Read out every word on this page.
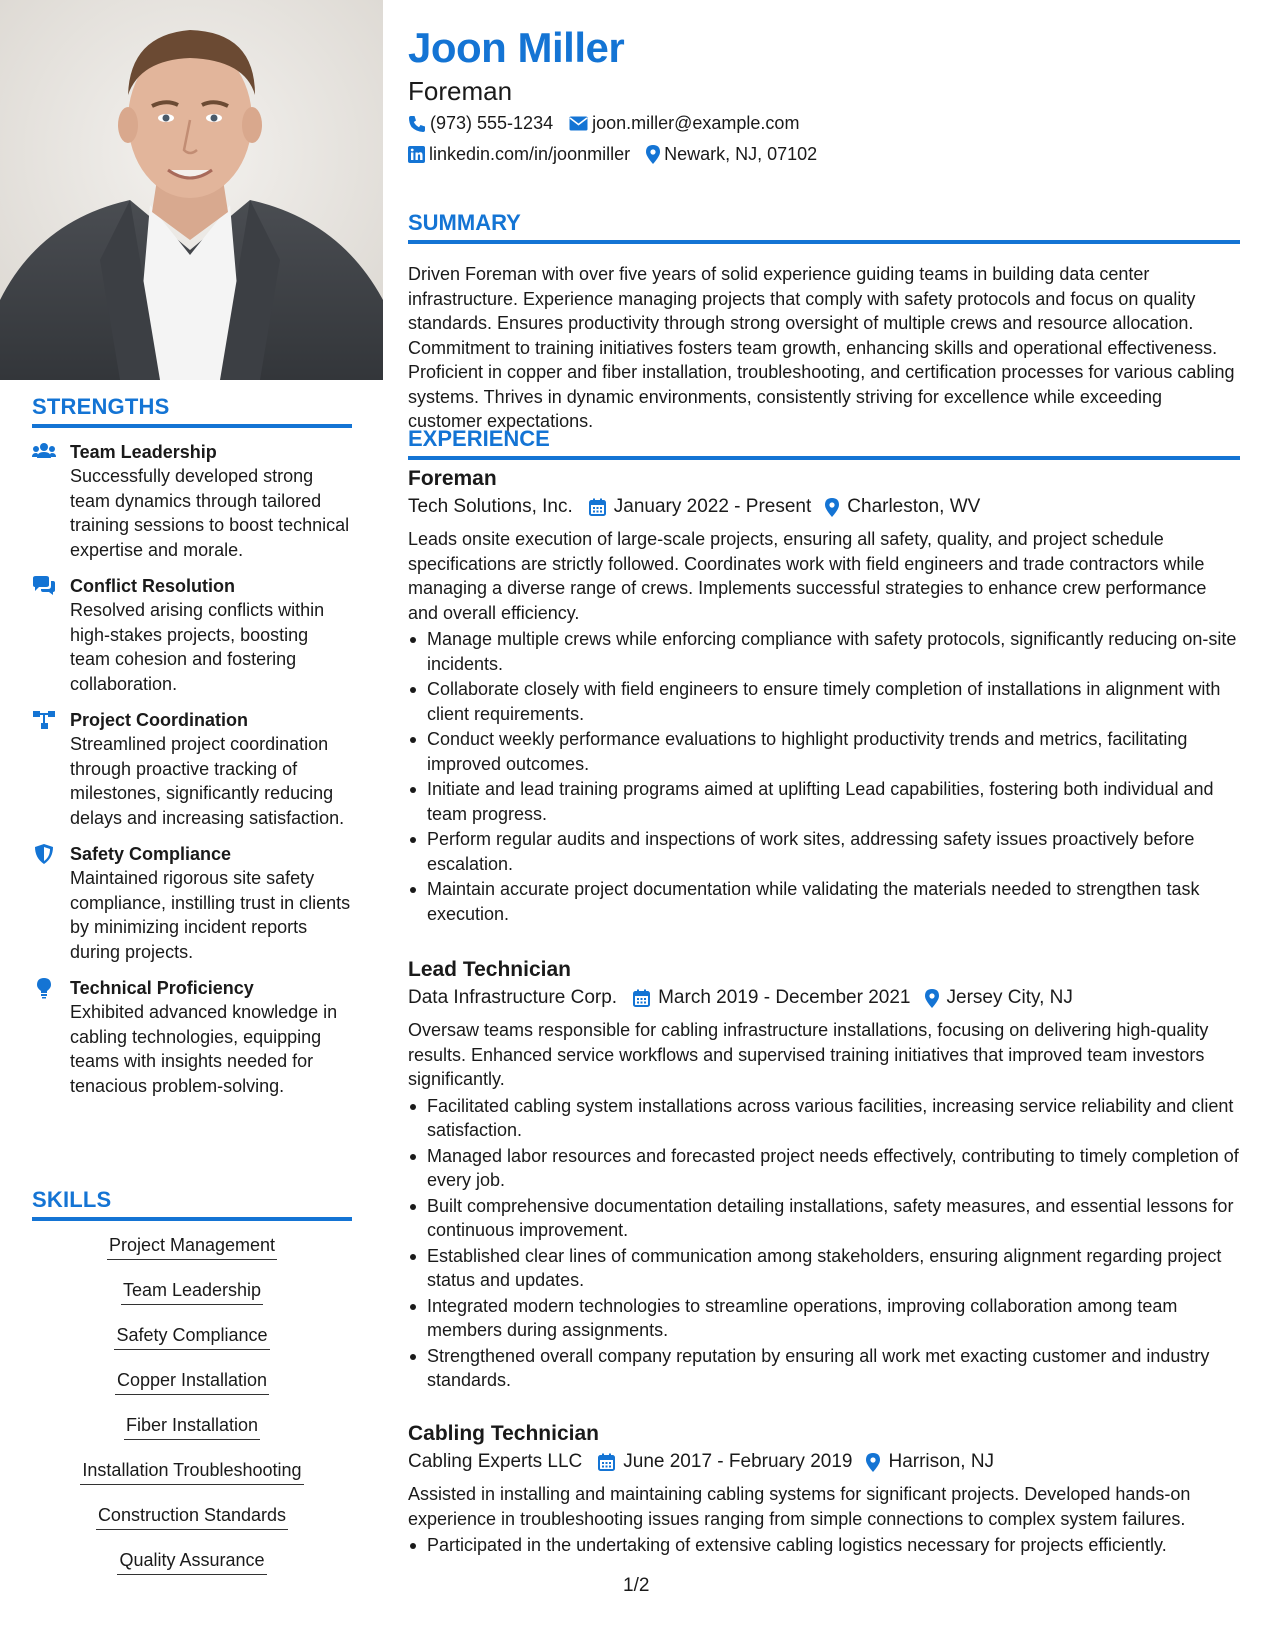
STRENGTHS
Team Leadership
Successfully developed strong team dynamics through tailored training sessions to boost technical expertise and morale.
Conflict Resolution
Resolved arising conflicts within high-stakes projects, boosting team cohesion and fostering collaboration.
Project Coordination
Streamlined project coordination through proactive tracking of milestones, significantly reducing delays and increasing satisfaction.
Safety Compliance
Maintained rigorous site safety compliance, instilling trust in clients by minimizing incident reports during projects.
Technical Proficiency
Exhibited advanced knowledge in cabling technologies, equipping teams with insights needed for tenacious problem-solving.
SKILLS
Project Management
Team Leadership
Safety Compliance
Copper Installation
Fiber Installation
Installation Troubleshooting
Construction Standards
Quality Assurance
Joon Miller
Foreman
(973) 555-1234 joon.miller@example.com
linkedin.com/in/joonmiller Newark, NJ, 07102
SUMMARY
Driven Foreman with over five years of solid experience guiding teams in building data center infrastructure. Experience managing projects that comply with safety protocols and focus on quality standards. Ensures productivity through strong oversight of multiple crews and resource allocation. Commitment to training initiatives fosters team growth, enhancing skills and operational effectiveness. Proficient in copper and fiber installation, troubleshooting, and certification processes for various cabling systems. Thrives in dynamic environments, consistently striving for excellence while exceeding customer expectations.
EXPERIENCE
Foreman
Tech Solutions, Inc. January 2022 - Present Charleston, WV
Leads onsite execution of large-scale projects, ensuring all safety, quality, and project schedule specifications are strictly followed. Coordinates work with field engineers and trade contractors while managing a diverse range of crews. Implements successful strategies to enhance crew performance and overall efficiency.
Manage multiple crews while enforcing compliance with safety protocols, significantly reducing on-site incidents.
Collaborate closely with field engineers to ensure timely completion of installations in alignment with client requirements.
Conduct weekly performance evaluations to highlight productivity trends and metrics, facilitating improved outcomes.
Initiate and lead training programs aimed at uplifting Lead capabilities, fostering both individual and team progress.
Perform regular audits and inspections of work sites, addressing safety issues proactively before escalation.
Maintain accurate project documentation while validating the materials needed to strengthen task execution.
Lead Technician
Data Infrastructure Corp. March 2019 - December 2021 Jersey City, NJ
Oversaw teams responsible for cabling infrastructure installations, focusing on delivering high-quality results. Enhanced service workflows and supervised training initiatives that improved team investors significantly.
Facilitated cabling system installations across various facilities, increasing service reliability and client satisfaction.
Managed labor resources and forecasted project needs effectively, contributing to timely completion of every job.
Built comprehensive documentation detailing installations, safety measures, and essential lessons for continuous improvement.
Established clear lines of communication among stakeholders, ensuring alignment regarding project status and updates.
Integrated modern technologies to streamline operations, improving collaboration among team members during assignments.
Strengthened overall company reputation by ensuring all work met exacting customer and industry standards.
Cabling Technician
Cabling Experts LLC June 2017 - February 2019 Harrison, NJ
Assisted in installing and maintaining cabling systems for significant projects. Developed hands-on experience in troubleshooting issues ranging from simple connections to complex system failures.
Participated in the undertaking of extensive cabling logistics necessary for projects efficiently.
1/2
